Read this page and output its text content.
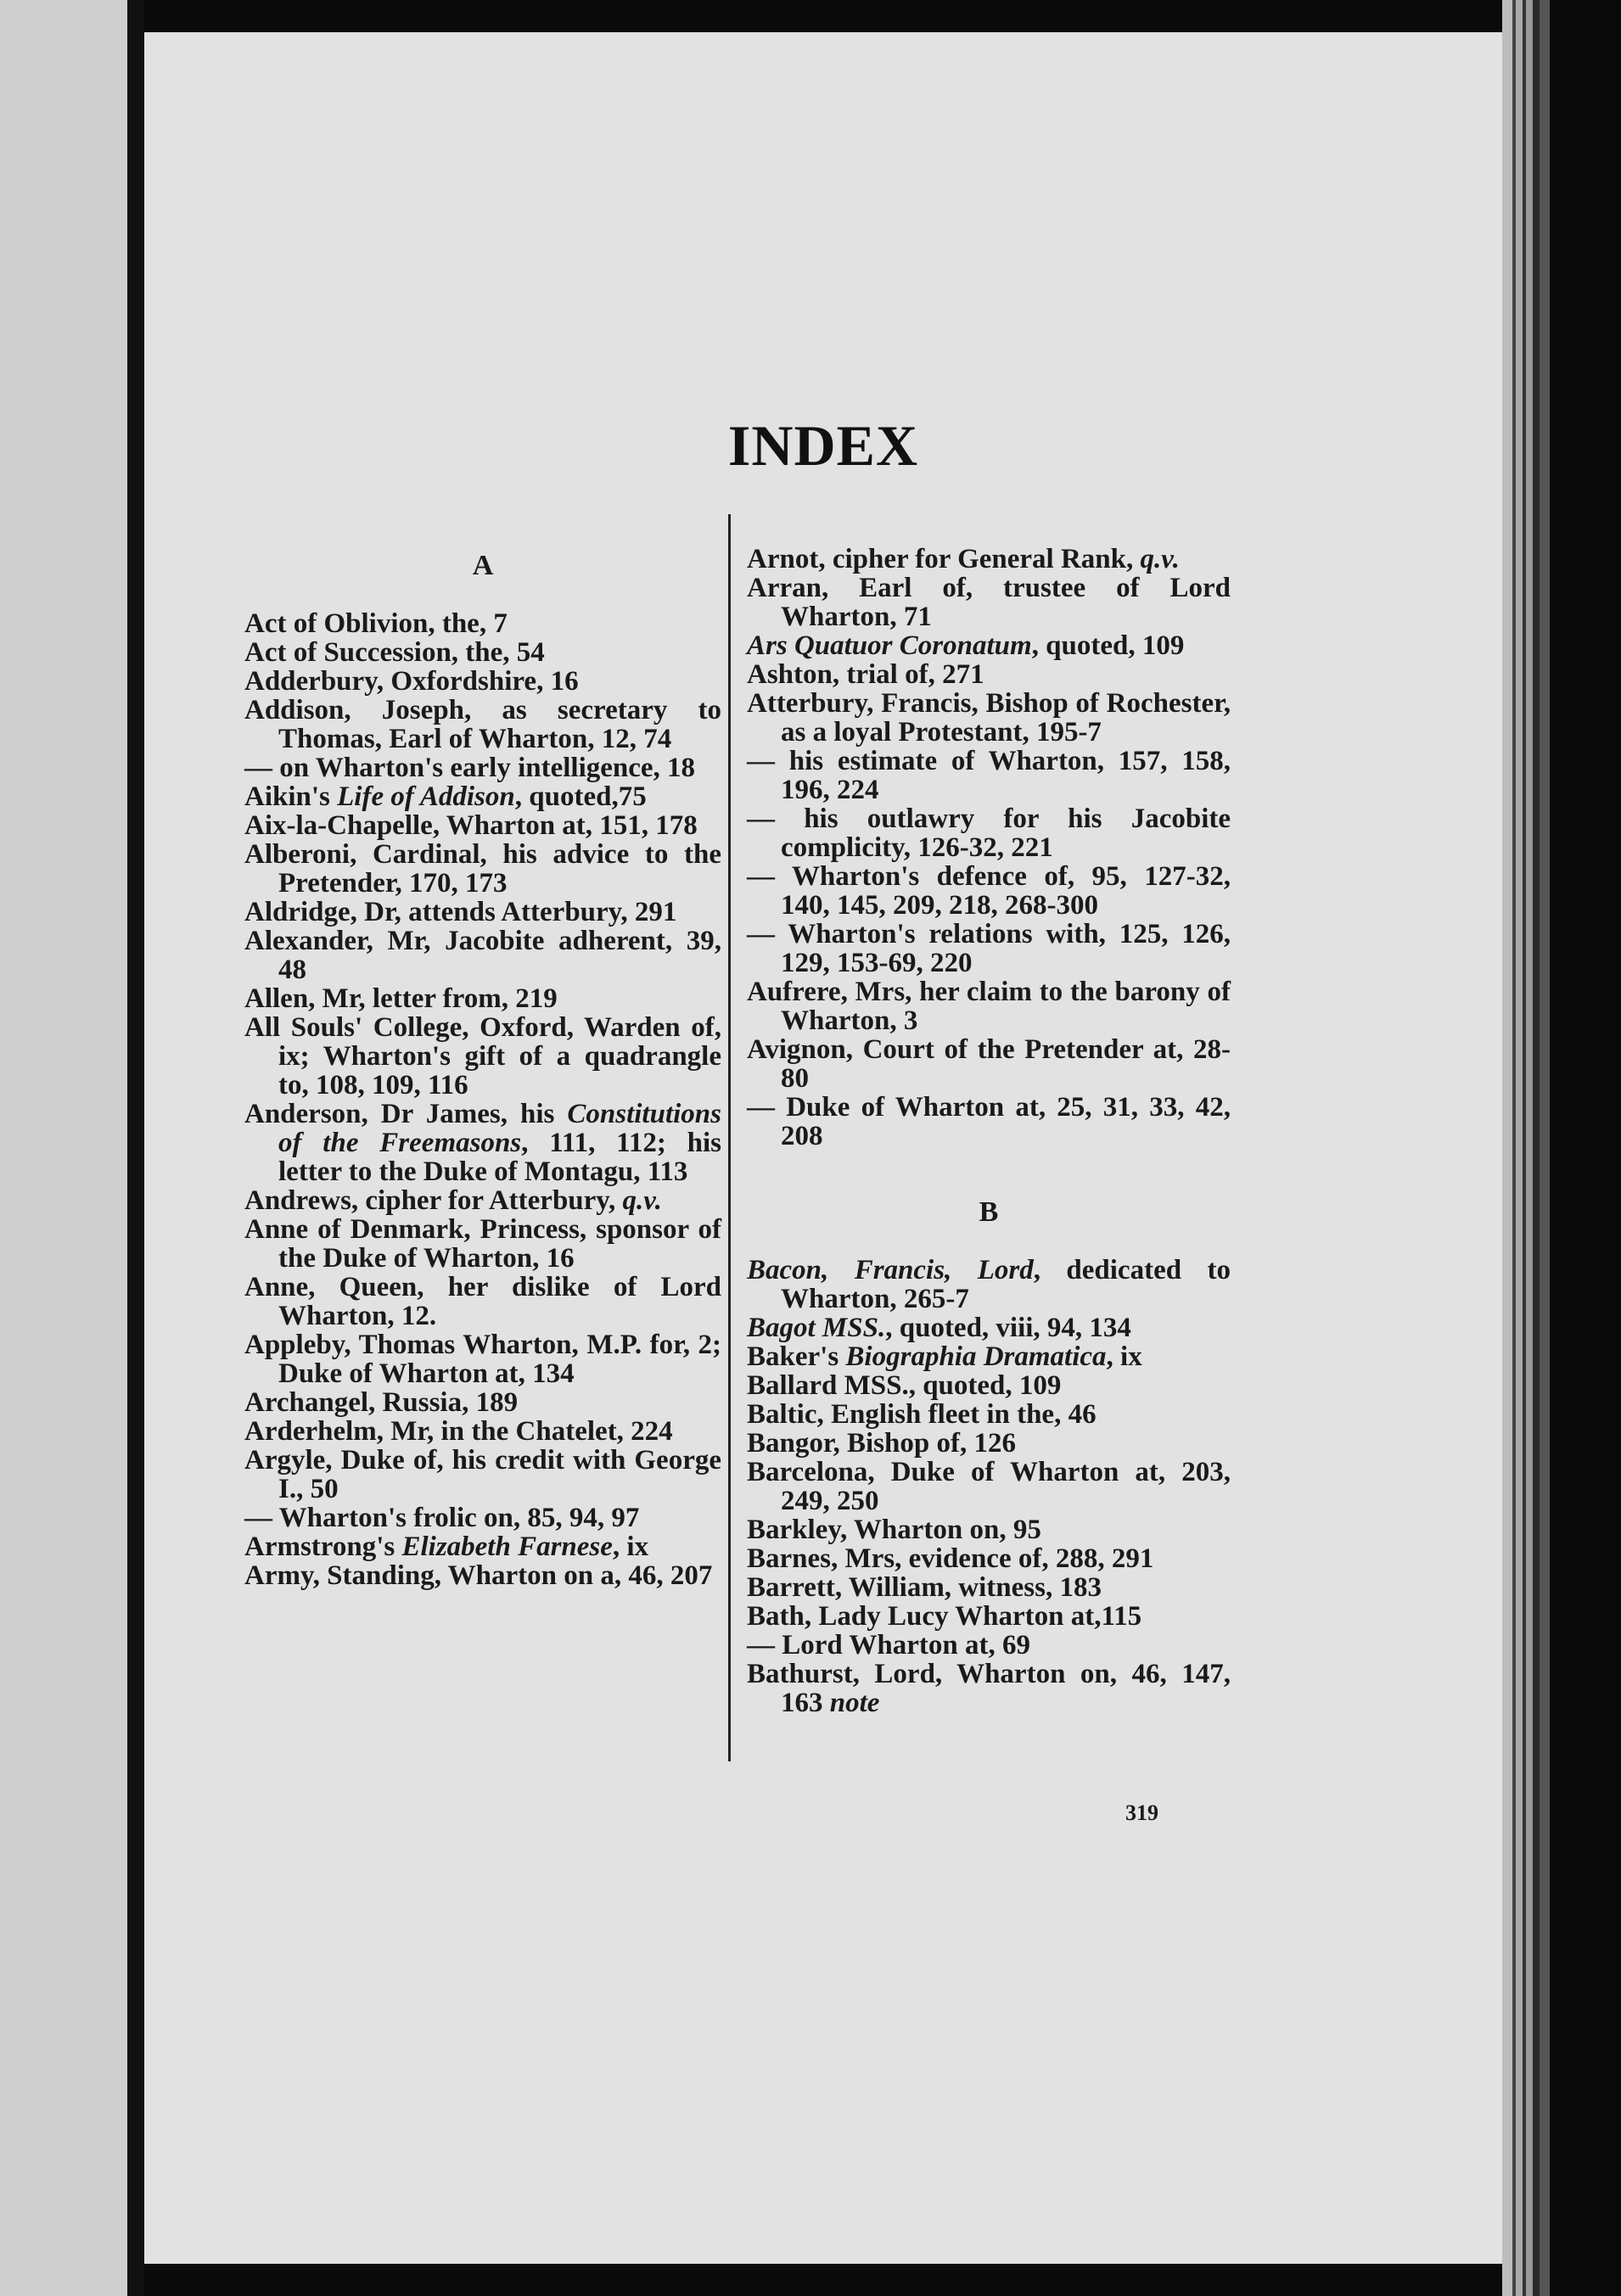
INDEX

A

Act of Oblivion, the, 7

Act of Succession, the, 54

Adderbury, Oxfordshire, 16

Addison, Joseph, as secretary to Thomas, Earl of Wharton, 12, 74

— on Wharton's early intelligence, 18

Aikin's Life of Addison, quoted,75

Aix-la-Chapelle, Wharton at, 151, 178

Alberoni, Cardinal, his advice to the Pretender, 170, 173

Aldridge, Dr, attends Atterbury, 291

Alexander, Mr, Jacobite adherent, 39, 48

Allen, Mr, letter from, 219

All Souls' College, Oxford, Warden of, ix; Wharton's gift of a quadrangle to, 108, 109, 116

Anderson, Dr James, his Constitutions of the Freemasons, 111, 112; his letter to the Duke of Montagu, 113

Andrews, cipher for Atterbury, q.v.

Anne of Denmark, Princess, sponsor of the Duke of Wharton, 16

Anne, Queen, her dislike of Lord Wharton, 12.

Appleby, Thomas Wharton, M.P. for, 2; Duke of Wharton at, 134

Archangel, Russia, 189

Arderhelm, Mr, in the Chatelet, 224

Argyle, Duke of, his credit with George I., 50

— Wharton's frolic on, 85, 94, 97

Armstrong's Elizabeth Farnese, ix

Army, Standing, Wharton on a, 46, 207

Arnot, cipher for General Rank, q.v.

Arran, Earl of, trustee of Lord Wharton, 71

Ars Quatuor Coronatum, quoted, 109

Ashton, trial of, 271

Atterbury, Francis, Bishop of Rochester, as a loyal Protestant, 195-7

— his estimate of Wharton, 157, 158, 196, 224

— his outlawry for his Jacobite complicity, 126-32, 221

— Wharton's defence of, 95, 127-32, 140, 145, 209, 218, 268-300

— Wharton's relations with, 125, 126, 129, 153-69, 220

Aufrere, Mrs, her claim to the barony of Wharton, 3

Avignon, Court of the Pretender at, 28-80

— Duke of Wharton at, 25, 31, 33, 42, 208

B

Bacon, Francis, Lord, dedicated to Wharton, 265-7

Bagot MSS., quoted, viii, 94, 134

Baker's Biographia Dramatica, ix

Ballard MSS., quoted, 109

Baltic, English fleet in the, 46

Bangor, Bishop of, 126

Barcelona, Duke of Wharton at, 203, 249, 250

Barkley, Wharton on, 95

Barnes, Mrs, evidence of, 288, 291

Barrett, William, witness, 183

Bath, Lady Lucy Wharton at,115

— Lord Wharton at, 69

Bathurst, Lord, Wharton on, 46, 147, 163 note

319
